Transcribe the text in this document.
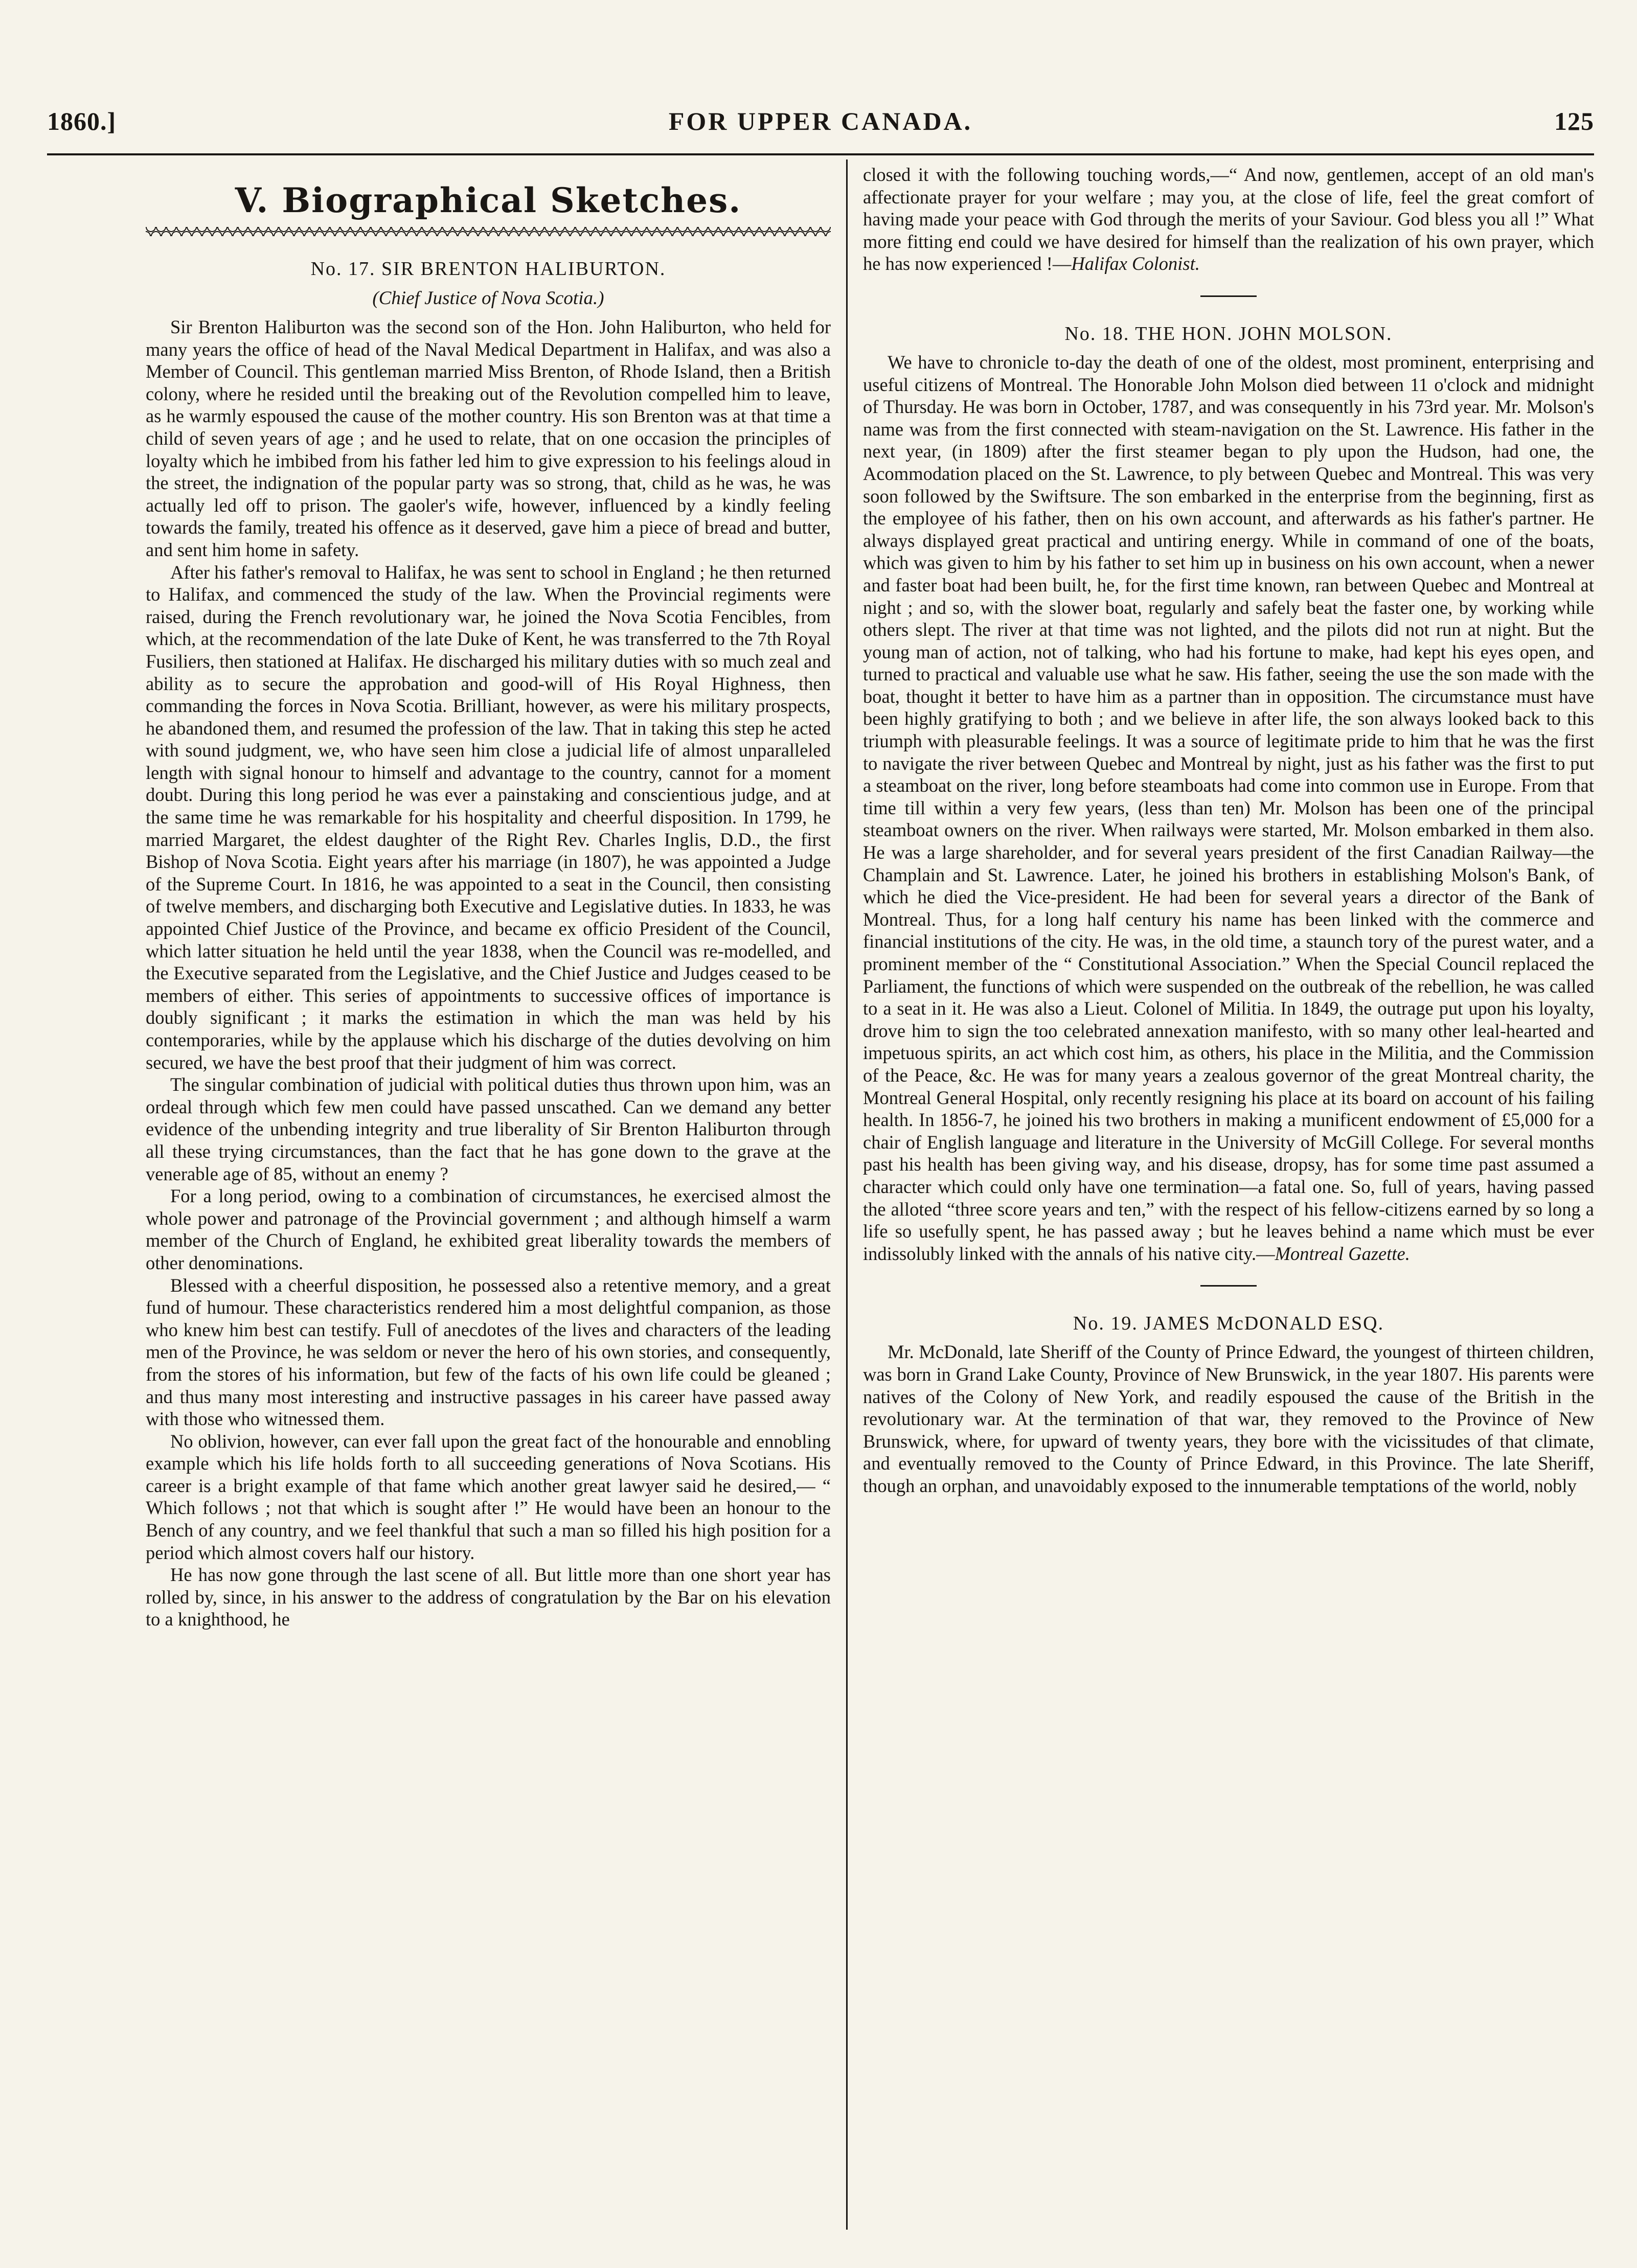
1860.]	FOR UPPER CANADA.	125
V. Biographical Sketches.
No. 17. SIR BRENTON HALIBURTON.
(Chief Justice of Nova Scotia.)

Sir Brenton Haliburton was the second son of the Hon. John Haliburton, who held for many years the office of head of the Naval Medical Department in Halifax, and was also a Member of Council. This gentleman married Miss Brenton, of Rhode Island, then a British colony, where he resided until the breaking out of the Revolution compelled him to leave, as he warmly espoused the cause of the mother country. His son Brenton was at that time a child of seven years of age ; and he used to relate, that on one occasion the principles of loyalty which he imbibed from his father led him to give expression to his feelings aloud in the street, the indignation of the popular party was so strong, that, child as he was, he was actually led off to prison. The gaoler's wife, however, influenced by a kindly feeling towards the family, treated his offence as it deserved, gave him a piece of bread and butter, and sent him home in safety.

After his father's removal to Halifax, he was sent to school in England ; he then returned to Halifax, and commenced the study of the law. When the Provincial regiments were raised, during the French revolutionary war, he joined the Nova Scotia Fencibles, from which, at the recommendation of the late Duke of Kent, he was transferred to the 7th Royal Fusiliers, then stationed at Halifax. He discharged his military duties with so much zeal and ability as to secure the approbation and good-will of His Royal Highness, then commanding the forces in Nova Scotia. Brilliant, however, as were his military prospects, he abandoned them, and resumed the profession of the law. That in taking this step he acted with sound judgment, we, who have seen him close a judicial life of almost unparalleled length with signal honour to himself and advantage to the country, cannot for a moment doubt. During this long period he was ever a painstaking and conscientious judge, and at the same time he was remarkable for his hospitality and cheerful disposition. In 1799, he married Margaret, the eldest daughter of the Right Rev. Charles Inglis, D.D., the first Bishop of Nova Scotia. Eight years after his marriage (in 1807), he was appointed a Judge of the Supreme Court. In 1816, he was appointed to a seat in the Council, then consisting of twelve members, and discharging both Executive and Legislative duties. In 1833, he was appointed Chief Justice of the Province, and became ex officio President of the Council, which latter situation he held until the year 1838, when the Council was re-modelled, and the Executive separated from the Legislative, and the Chief Justice and Judges ceased to be members of either. This series of appointments to successive offices of importance is doubly significant ; it marks the estimation in which the man was held by his contemporaries, while by the applause which his discharge of the duties devolving on him secured, we have the best proof that their judgment of him was correct.

The singular combination of judicial with political duties thus thrown upon him, was an ordeal through which few men could have passed unscathed. Can we demand any better evidence of the unbending integrity and true liberality of Sir Brenton Haliburton through all these trying circumstances, than the fact that he has gone down to the grave at the venerable age of 85, without an enemy ?

For a long period, owing to a combination of circumstances, he exercised almost the whole power and patronage of the Provincial government ; and although himself a warm member of the Church of England, he exhibited great liberality towards the members of other denominations.

Blessed with a cheerful disposition, he possessed also a retentive memory, and a great fund of humour. These characteristics rendered him a most delightful companion, as those who knew him best can testify. Full of anecdotes of the lives and characters of the leading men of the Province, he was seldom or never the hero of his own stories, and consequently, from the stores of his information, but few of the facts of his own life could be gleaned ; and thus many most interesting and instructive passages in his career have passed away with those who witnessed them.

No oblivion, however, can ever fall upon the great fact of the honourable and ennobling example which his life holds forth to all succeeding generations of Nova Scotians. His career is a bright example of that fame which another great lawyer said he desired,— “ Which follows ; not that which is sought after !” He would have been an honour to the Bench of any country, and we feel thankful that such a man so filled his high position for a period which almost covers half our history.

He has now gone through the last scene of all. But little more than one short year has rolled by, since, in his answer to the address of congratulation by the Bar on his elevation to a knighthood, he

closed it with the following touching words,—“ And now, gentlemen, accept of an old man's affectionate prayer for your welfare ; may you, at the close of life, feel the great comfort of having made your peace with God through the merits of your Saviour. God bless you all !” What more fitting end could we have desired for himself than the realization of his own prayer, which he has now experienced !—Halifax Colonist.

No. 18. THE HON. JOHN MOLSON.

We have to chronicle to-day the death of one of the oldest, most prominent, enterprising and useful citizens of Montreal. The Honorable John Molson died between 11 o'clock and midnight of Thursday. He was born in October, 1787, and was consequently in his 73rd year. Mr. Molson's name was from the first connected with steam-navigation on the St. Lawrence. His father in the next year, (in 1809) after the first steamer began to ply upon the Hudson, had one, the Acommodation placed on the St. Lawrence, to ply between Quebec and Montreal. This was very soon followed by the Swiftsure. The son embarked in the enterprise from the beginning, first as the employee of his father, then on his own account, and afterwards as his father's partner. He always displayed great practical and untiring energy. While in command of one of the boats, which was given to him by his father to set him up in business on his own account, when a newer and faster boat had been built, he, for the first time known, ran between Quebec and Montreal at night ; and so, with the slower boat, regularly and safely beat the faster one, by working while others slept. The river at that time was not lighted, and the pilots did not run at night. But the young man of action, not of talking, who had his fortune to make, had kept his eyes open, and turned to practical and valuable use what he saw. His father, seeing the use the son made with the boat, thought it better to have him as a partner than in opposition. The circumstance must have been highly gratifying to both ; and we believe in after life, the son always looked back to this triumph with pleasurable feelings. It was a source of legitimate pride to him that he was the first to navigate the river between Quebec and Montreal by night, just as his father was the first to put a steamboat on the river, long before steamboats had come into common use in Europe. From that time till within a very few years, (less than ten) Mr. Molson has been one of the principal steamboat owners on the river. When railways were started, Mr. Molson embarked in them also. He was a large shareholder, and for several years president of the first Canadian Railway—the Champlain and St. Lawrence. Later, he joined his brothers in establishing Molson's Bank, of which he died the Vice-president. He had been for several years a director of the Bank of Montreal. Thus, for a long half century his name has been linked with the commerce and financial institutions of the city. He was, in the old time, a staunch tory of the purest water, and a prominent member of the “ Constitutional Association.” When the Special Council replaced the Parliament, the functions of which were suspended on the outbreak of the rebellion, he was called to a seat in it. He was also a Lieut. Colonel of Militia. In 1849, the outrage put upon his loyalty, drove him to sign the too celebrated annexation manifesto, with so many other leal-hearted and impetuous spirits, an act which cost him, as others, his place in the Militia, and the Commission of the Peace, &c. He was for many years a zealous governor of the great Montreal charity, the Montreal General Hospital, only recently resigning his place at its board on account of his failing health. In 1856-7, he joined his two brothers in making a munificent endowment of £5,000 for a chair of English language and literature in the University of McGill College. For several months past his health has been giving way, and his disease, dropsy, has for some time past assumed a character which could only have one termination—a fatal one. So, full of years, having passed the alloted “three score years and ten,” with the respect of his fellow-citizens earned by so long a life so usefully spent, he has passed away ; but he leaves behind a name which must be ever indissolubly linked with the annals of his native city.—Montreal Gazette.

No. 19. JAMES McDONALD ESQ.

Mr. McDonald, late Sheriff of the County of Prince Edward, the youngest of thirteen children, was born in Grand Lake County, Province of New Brunswick, in the year 1807. His parents were natives of the Colony of New York, and readily espoused the cause of the British in the revolutionary war. At the termination of that war, they removed to the Province of New Brunswick, where, for upward of twenty years, they bore with the vicissitudes of that climate, and eventually removed to the County of Prince Edward, in this Province. The late Sheriff, though an orphan, and unavoidably exposed to the innumerable temptations of the world, nobly
